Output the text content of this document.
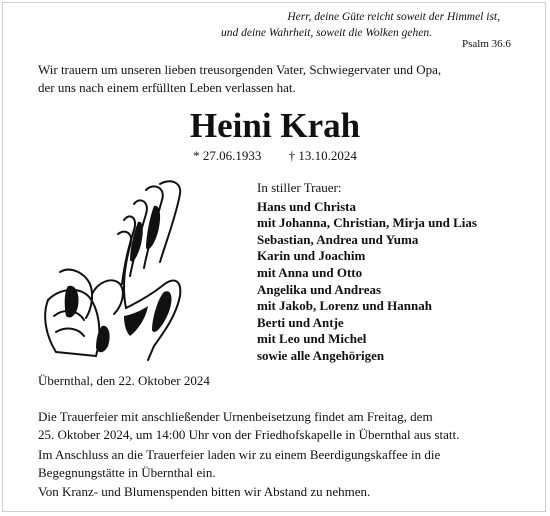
Herr, deine Güte reicht soweit der Himmel ist,
und deine Wahrheit, soweit die Wolken gehen.
Psalm 36.6
Wir trauern um unseren lieben treusorgenden Vater, Schwiegervater und Opa,
der uns nach einem erfüllten Leben verlassen hat.
Heini Krah
* 27.06.1933 † 13.10.2024
In stiller Trauer:
Hans und Christa
mit Johanna, Christian, Mirja und Lias
Sebastian, Andrea und Yuma
Karin und Joachim
mit Anna und Otto
Angelika und Andreas
mit Jakob, Lorenz und Hannah
Berti und Antje
mit Leo und Michel
sowie alle Angehörigen
Übernthal, den 22. Oktober 2024
Die Trauerfeier mit anschließender Urnenbeisetzung findet am Freitag, dem
25. Oktober 2024, um 14:00 Uhr von der Friedhofskapelle in Übernthal aus statt.
Im Anschluss an die Trauerfeier laden wir zu einem Beerdigungskaffee in die
Begegnungstätte in Übernthal ein.
Von Kranz- und Blumenspenden bitten wir Abstand zu nehmen.
